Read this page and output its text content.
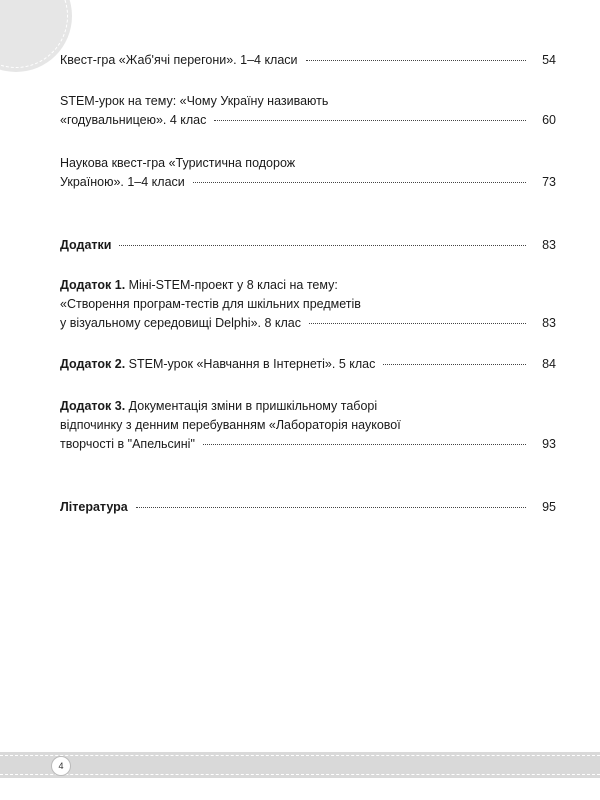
Квест-гра «Жаб'ячі перегони». 1–4 класи	54
STEM-урок на тему: «Чому Україну називають
«годувальницею». 4 клас	60
Наукова квест-гра «Туристична подорож
Україною». 1–4 класи	73
Додатки	83
Додаток 1. Міні-STEM-проект у 8 класі на тему:
«Створення програм-тестів для шкільних предметів
у візуальному середовищі Delphi». 8 клас	83
Додаток 2. STEM-урок «Навчання в Інтернеті». 5 клас	84
Додаток 3. Документація зміни в пришкільному таборі
відпочинку з денним перебуванням «Лабораторія наукової
творчості в "Апельсині"	93
Література	95
4
